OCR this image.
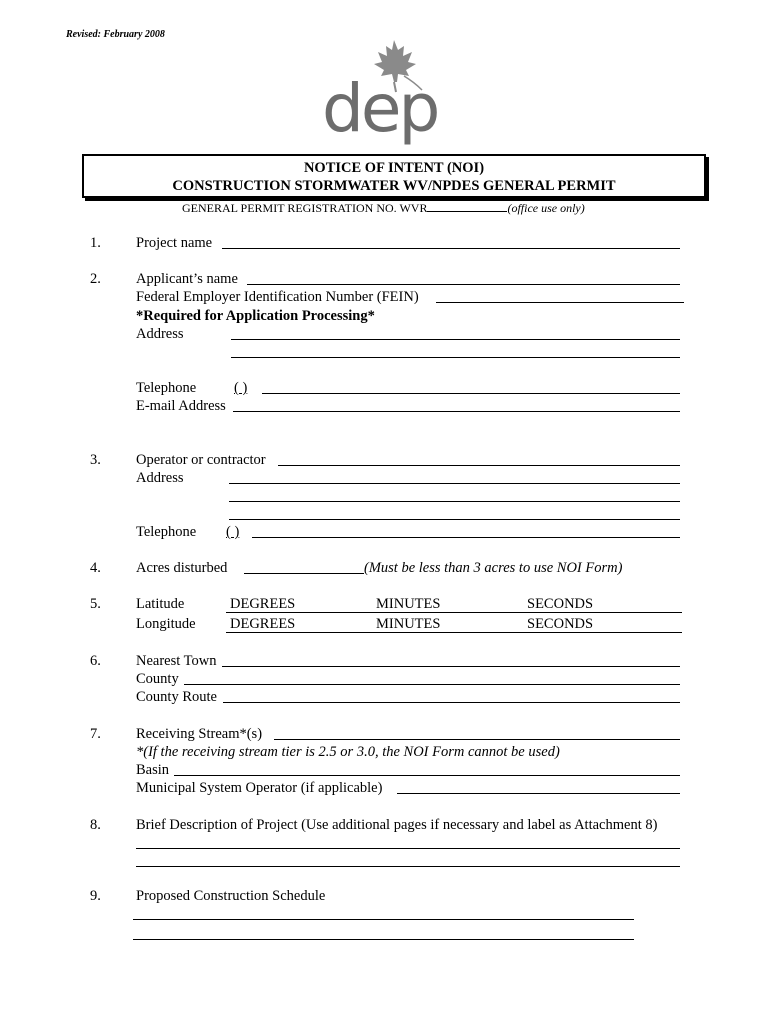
Revised: February 2008
dep
NOTICE OF INTENT (NOI)
CONSTRUCTION STORMWATER WV/NPDES GENERAL PERMIT
GENERAL PERMIT REGISTRATION NO. WVR	(office use only)
1. Project name
2. Applicant’s name
Federal Employer Identification Number (FEIN)
*Required for Application Processing*
Address
Telephone	( )
E-mail Address
3. Operator or contractor
Address
Telephone ( )
4. Acres disturbed	(Must be less than 3 acres to use NOI Form)
5. Latitude	DEGREES	MINUTES	SECONDS
Longitude DEGREES	MINUTES	SECONDS
6. Nearest Town
County
County Route
7. Receiving Stream*(s)
*(If the receiving stream tier is 2.5 or 3.0, the NOI Form cannot be used)
Basin
Municipal System Operator (if applicable)
8. Brief Description of Project (Use additional pages if necessary and label as Attachment 8)
9. Proposed Construction Schedule
